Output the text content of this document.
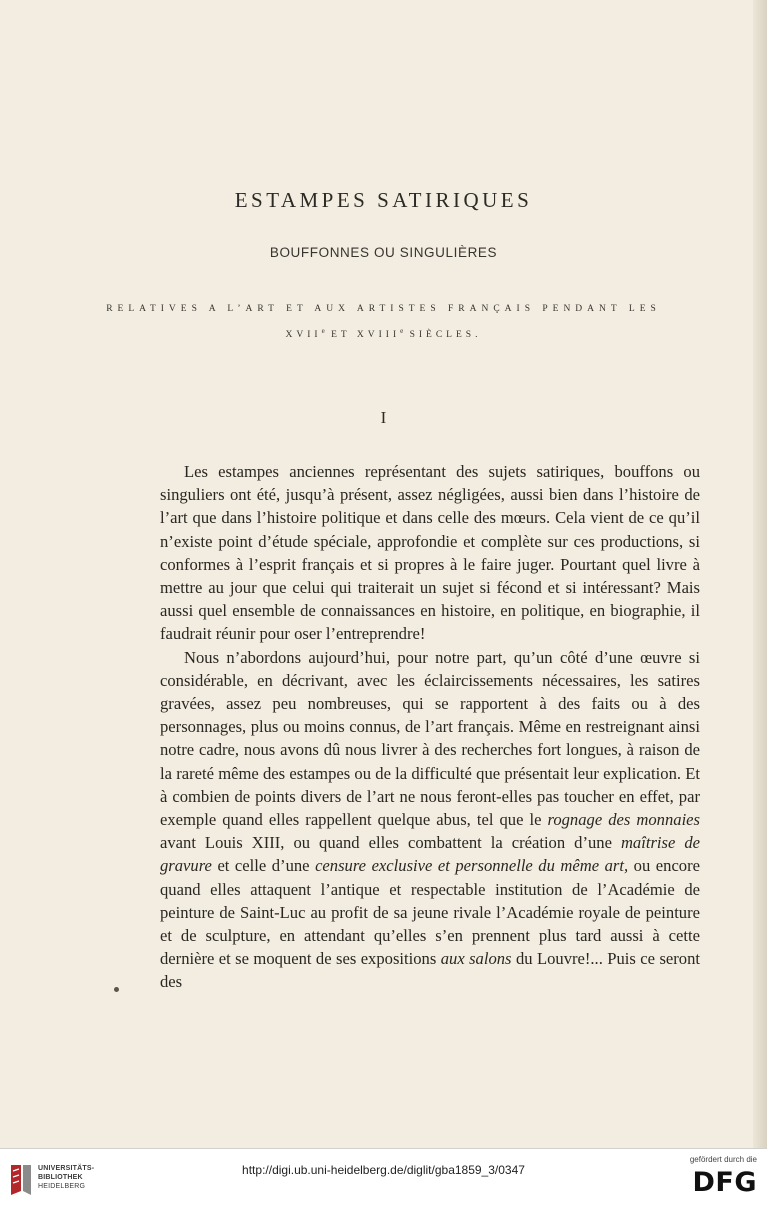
ESTAMPES SATIRIQUES
BOUFFONNES OU SINGULIÈRES
RELATIVES A L’ART ET AUX ARTISTES FRANÇAIS PENDANT LES
XVIIe ET XVIIIe SIÈCLES.
I

Les estampes anciennes représentant des sujets satiriques, bouffons ou singuliers ont été, jusqu’à présent, assez négligées, aussi bien dans l’histoire de l’art que dans l’histoire politique et dans celle des mœurs. Cela vient de ce qu’il n’existe point d’étude spéciale, approfondie et complète sur ces productions, si conformes à l’esprit français et si propres à le faire juger. Pourtant quel livre à mettre au jour que celui qui traiterait un sujet si fécond et si intéressant? Mais aussi quel ensemble de connaissances en histoire, en politique, en biographie, il faudrait réunir pour oser l’entreprendre!

Nous n’abordons aujourd’hui, pour notre part, qu’un côté d’une œuvre si considérable, en décrivant, avec les éclaircissements nécessaires, les satires gravées, assez peu nombreuses, qui se rapportent à des faits ou à des personnages, plus ou moins connus, de l’art français. Même en restreignant ainsi notre cadre, nous avons dû nous livrer à des recherches fort longues, à raison de la rareté même des estampes ou de la difficulté que présentait leur explication. Et à combien de points divers de l’art ne nous feront-elles pas toucher en effet, par exemple quand elles rappellent quelque abus, tel que le rognage des monnaies avant Louis XIII, ou quand elles combattent la création d’une maîtrise de gravure et celle d’une censure exclusive et personnelle du même art, ou encore quand elles attaquent l’antique et respectable institution de l’Académie de peinture de Saint-Luc au profit de sa jeune rivale l’Académie royale de peinture et de sculpture, en attendant qu’elles s’en prennent plus tard aussi à cette dernière et se moquent de ses expositions aux salons du Louvre!... Puis ce seront des

UNIVERSITÄTS-
BIBLIOTHEK
HEIDELBERG
http://digi.ub.uni-heidelberg.de/diglit/gba1859_3/0347
gefördert durch die
DFG
